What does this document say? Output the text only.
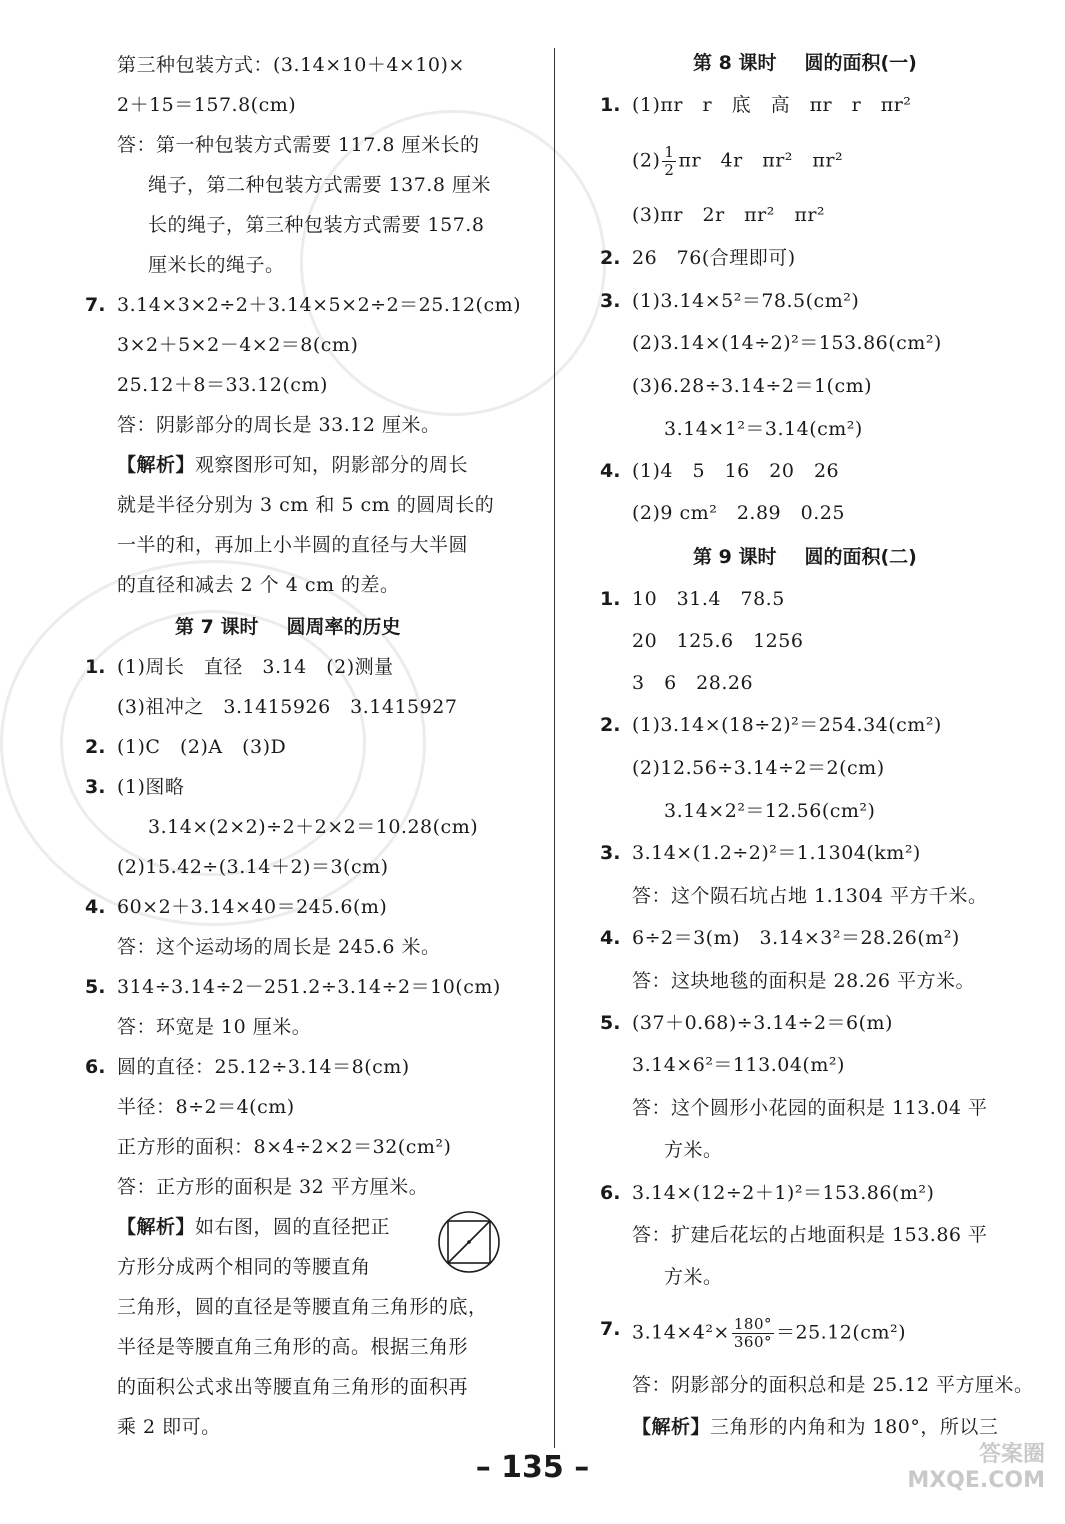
第三种包装方式：(3.14×10＋4×10)×
2＋15＝157.8(cm)
答：第一种包装方式需要 117.8 厘米长的
绳子，第二种包装方式需要 137.8 厘米
长的绳子，第三种包装方式需要 157.8
厘米长的绳子。
7. 3.14×3×2÷2＋3.14×5×2÷2＝25.12(cm)
3×2＋5×2－4×2＝8(cm)
25.12＋8＝33.12(cm)
答：阴影部分的周长是 33.12 厘米。
【解析】观察图形可知，阴影部分的周长
就是半径分别为 3 cm 和 5 cm 的圆周长的
一半的和，再加上小半圆的直径与大半圆
的直径和减去 2 个 4 cm 的差。
第 7 课时 圆周率的历史
1. (1)周长　直径　3.14　(2)测量
(3)祖冲之　3.1415926　3.1415927
2. (1)C　(2)A　(3)D
3. (1)图略
3.14×(2×2)÷2＋2×2＝10.28(cm)
(2)15.42÷(3.14＋2)＝3(cm)
4. 60×2＋3.14×40＝245.6(m)
答：这个运动场的周长是 245.6 米。
5. 314÷3.14÷2－251.2÷3.14÷2＝10(cm)
答：环宽是 10 厘米。
6. 圆的直径：25.12÷3.14＝8(cm)
半径：8÷2＝4(cm)
正方形的面积：8×4÷2×2＝32(cm²)
答：正方形的面积是 32 平方厘米。
【解析】如右图，圆的直径把正
方形分成两个相同的等腰直角
三角形，圆的直径是等腰直角三角形的底，
半径是等腰直角三角形的高。根据三角形
的面积公式求出等腰直角三角形的面积再
乘 2 即可。
第 8 课时 圆的面积(一)
1. (1)πr　r　底　高　πr　r　πr²
$(2) \frac{1}{2}$ πr　4r　πr²　πr²
(3)πr　2r　πr²　πr²
2. 26　76(合理即可)
3. (1)3.14×5²＝78.5(cm²)
(2)3.14×(14÷2)²＝153.86(cm²)
(3)6.28÷3.14÷2＝1(cm)
3.14×1²＝3.14(cm²)
4. (1)4　5　16　20　26
(2)9 cm²　2.89　0.25
第 9 课时 圆的面积(二)
1. 10　31.4　78.5
20　125.6　1256
3　6　28.26
2. (1)3.14×(18÷2)²＝254.34(cm²)
(2)12.56÷3.14÷2＝2(cm)
3.14×2²＝12.56(cm²)
3. 3.14×(1.2÷2)²＝1.1304(km²)
答：这个陨石坑占地 1.1304 平方千米。
4. 6÷2＝3(m)　3.14×3²＝28.26(m²)
答：这块地毯的面积是 28.26 平方米。
5. (37＋0.68)÷3.14÷2＝6(m)
3.14×6²＝113.04(m²)
答：这个圆形小花园的面积是 113.04 平
方米。
6. 3.14×(12÷2＋1)²＝153.86(m²)
答：扩建后花坛的占地面积是 153.86 平
方米。
7. $3.14\times 4^2\times \frac{180^\circ}{360^\circ} =25.12(cm^2)$
答：阴影部分的面积总和是 25.12 平方厘米。
【解析】三角形的内角和为 180°，所以三
– 135 –	答案圈
MXQE.COM
